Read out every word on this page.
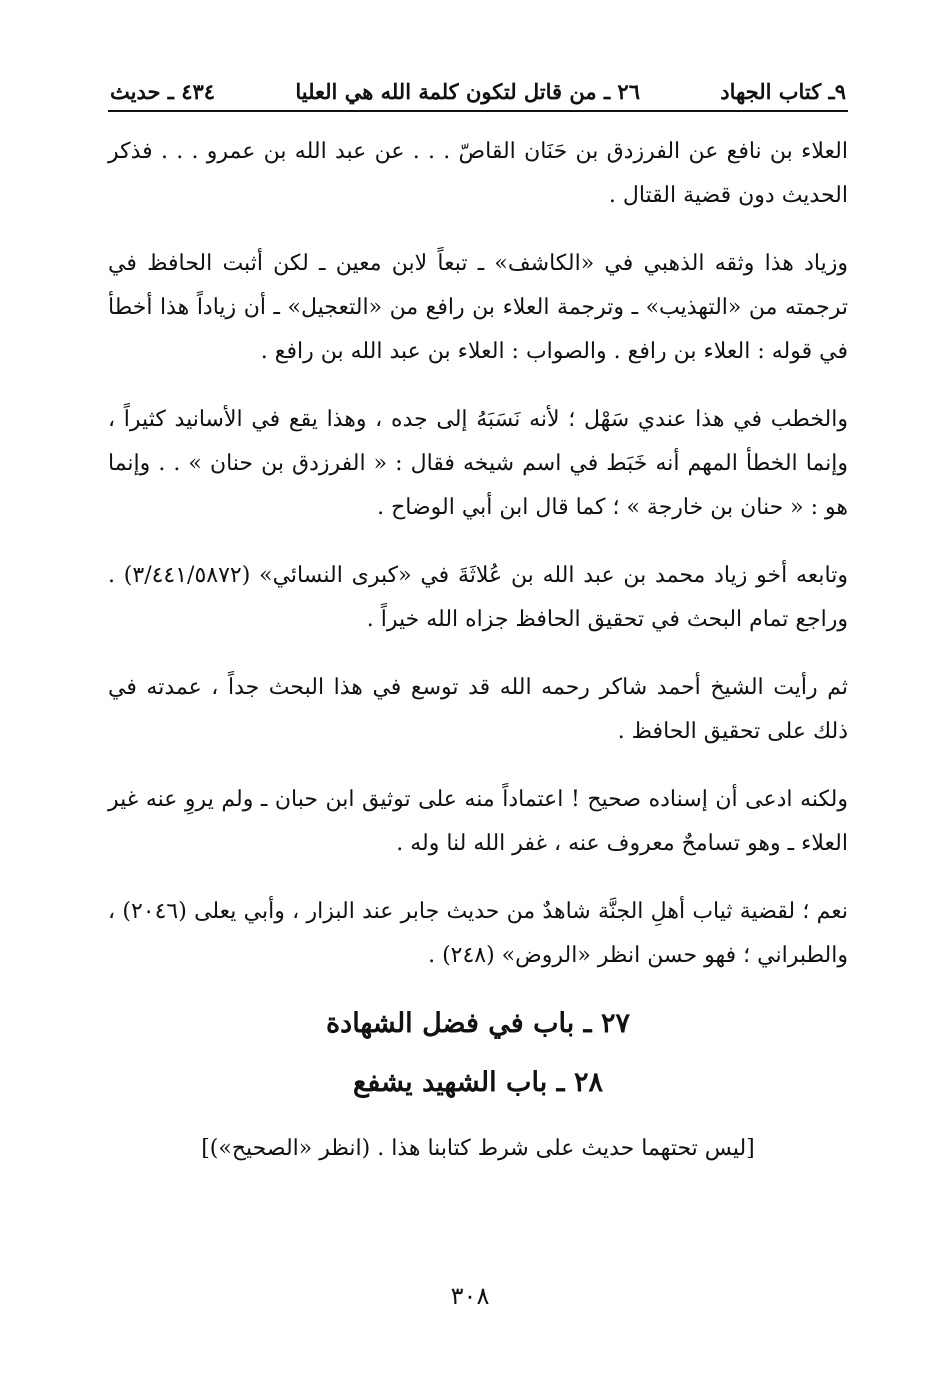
٩ـ كتاب الجهاد
٢٦ ـ من قاتل لتكون كلمة الله هي العليا
٤٣٤ ـ حديث

العلاء بن نافع عن الفرزدق بن حَنَان القاصّ . . . عن عبد الله بن عمرو . . . فذكر الحديث دون قضية القتال .

وزياد هذا وثقه الذهبي في «الكاشف» ـ تبعاً لابن معين ـ لكن أثبت الحافظ في ترجمته من «التهذيب» ـ وترجمة العلاء بن رافع من «التعجيل» ـ أن زياداً هذا أخطأ في قوله : العلاء بن رافع . والصواب : العلاء بن عبد الله بن رافع .

والخطب في هذا عندي سَهْل ؛ لأنه نَسَبَهُ إلى جده ، وهذا يقع في الأسانيد كثيراً ، وإنما الخطأ المهم أنه خَبَط في اسم شيخه فقال : « الفرزدق بن حنان » . . وإنما هو : « حنان بن خارجة » ؛ كما قال ابن أبي الوضاح .

وتابعه أخو زياد محمد بن عبد الله بن عُلاثَةَ في «كبرى النسائي» (٣/٤٤١/٥٨٧٢) . وراجع تمام البحث في تحقيق الحافظ جزاه الله خيراً .

ثم رأيت الشيخ أحمد شاكر رحمه الله قد توسع في هذا البحث جداً ، عمدته في ذلك على تحقيق الحافظ .

ولكنه ادعى أن إسناده صحيح ! اعتماداً منه على توثيق ابن حبان ـ ولم يروِ عنه غير العلاء ـ وهو تسامحٌ معروف عنه ، غفر الله لنا وله .

نعم ؛ لقضية ثياب أهلِ الجنَّة شاهدٌ من حديث جابر عند البزار ، وأبي يعلى (٢٠٤٦) ، والطبراني ؛ فهو حسن انظر «الروض» (٢٤٨) .

٢٧ ـ باب في فضل الشهادة
٢٨ ـ باب الشهيد يشفع
[ليس تحتهما حديث على شرط كتابنا هذا . (انظر «الصحيح»)]
٣٠٨
